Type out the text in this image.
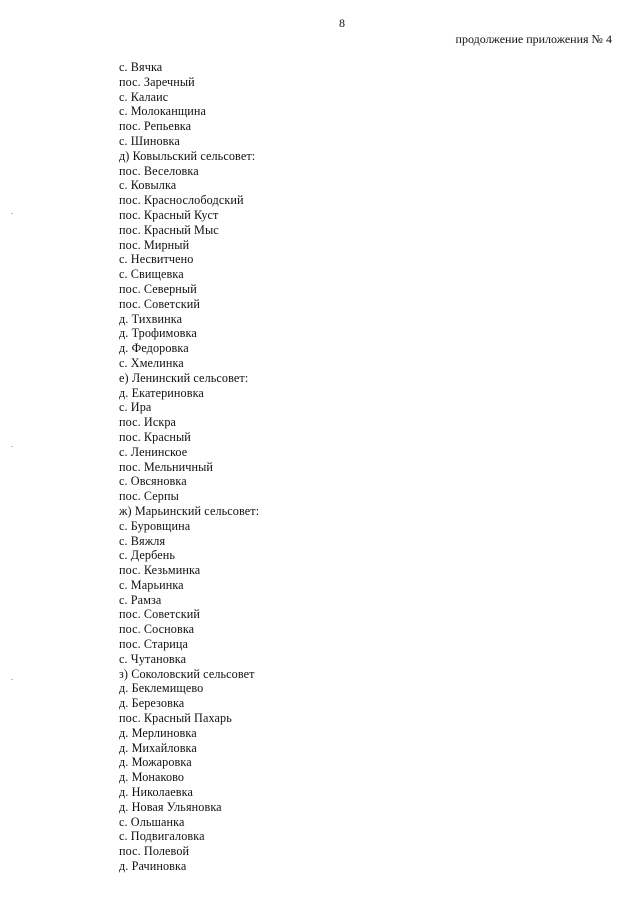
8
продолжение приложения № 4
с. Вячка
пос. Заречный
с. Калаис
с. Молоканщина
пос. Репьевка
с. Шиновка
д) Ковыльский сельсовет:
пос. Веселовка
с. Ковылка
пос. Краснослободский
пос. Красный Куст
пос. Красный Мыс
пос. Мирный
с. Несвитчено
с. Свищевка
пос. Северный
пос. Советский
д. Тихвинка
д. Трофимовка
д. Федоровка
с. Хмелинка
е) Ленинский сельсовет:
д. Екатериновка
с. Ира
пос. Искра
пос. Красный
с. Ленинское
пос. Мельничный
с. Овсяновка
пос. Серпы
ж) Марьинский сельсовет:
с. Буровщина
с. Вяжля
с. Дербень
пос. Кезьминка
с. Марьинка
с. Рамза
пос. Советский
пос. Сосновка
пос. Старица
с. Чутановка
з) Соколовский сельсовет
д. Беклемищево
д. Березовка
пос. Красный Пахарь
д. Мерлиновка
д. Михайловка
д. Можаровка
д. Монаково
д. Николаевка
д. Новая Ульяновка
с. Ольшанка
с. Подвигаловка
пос. Полевой
д. Рачиновка
